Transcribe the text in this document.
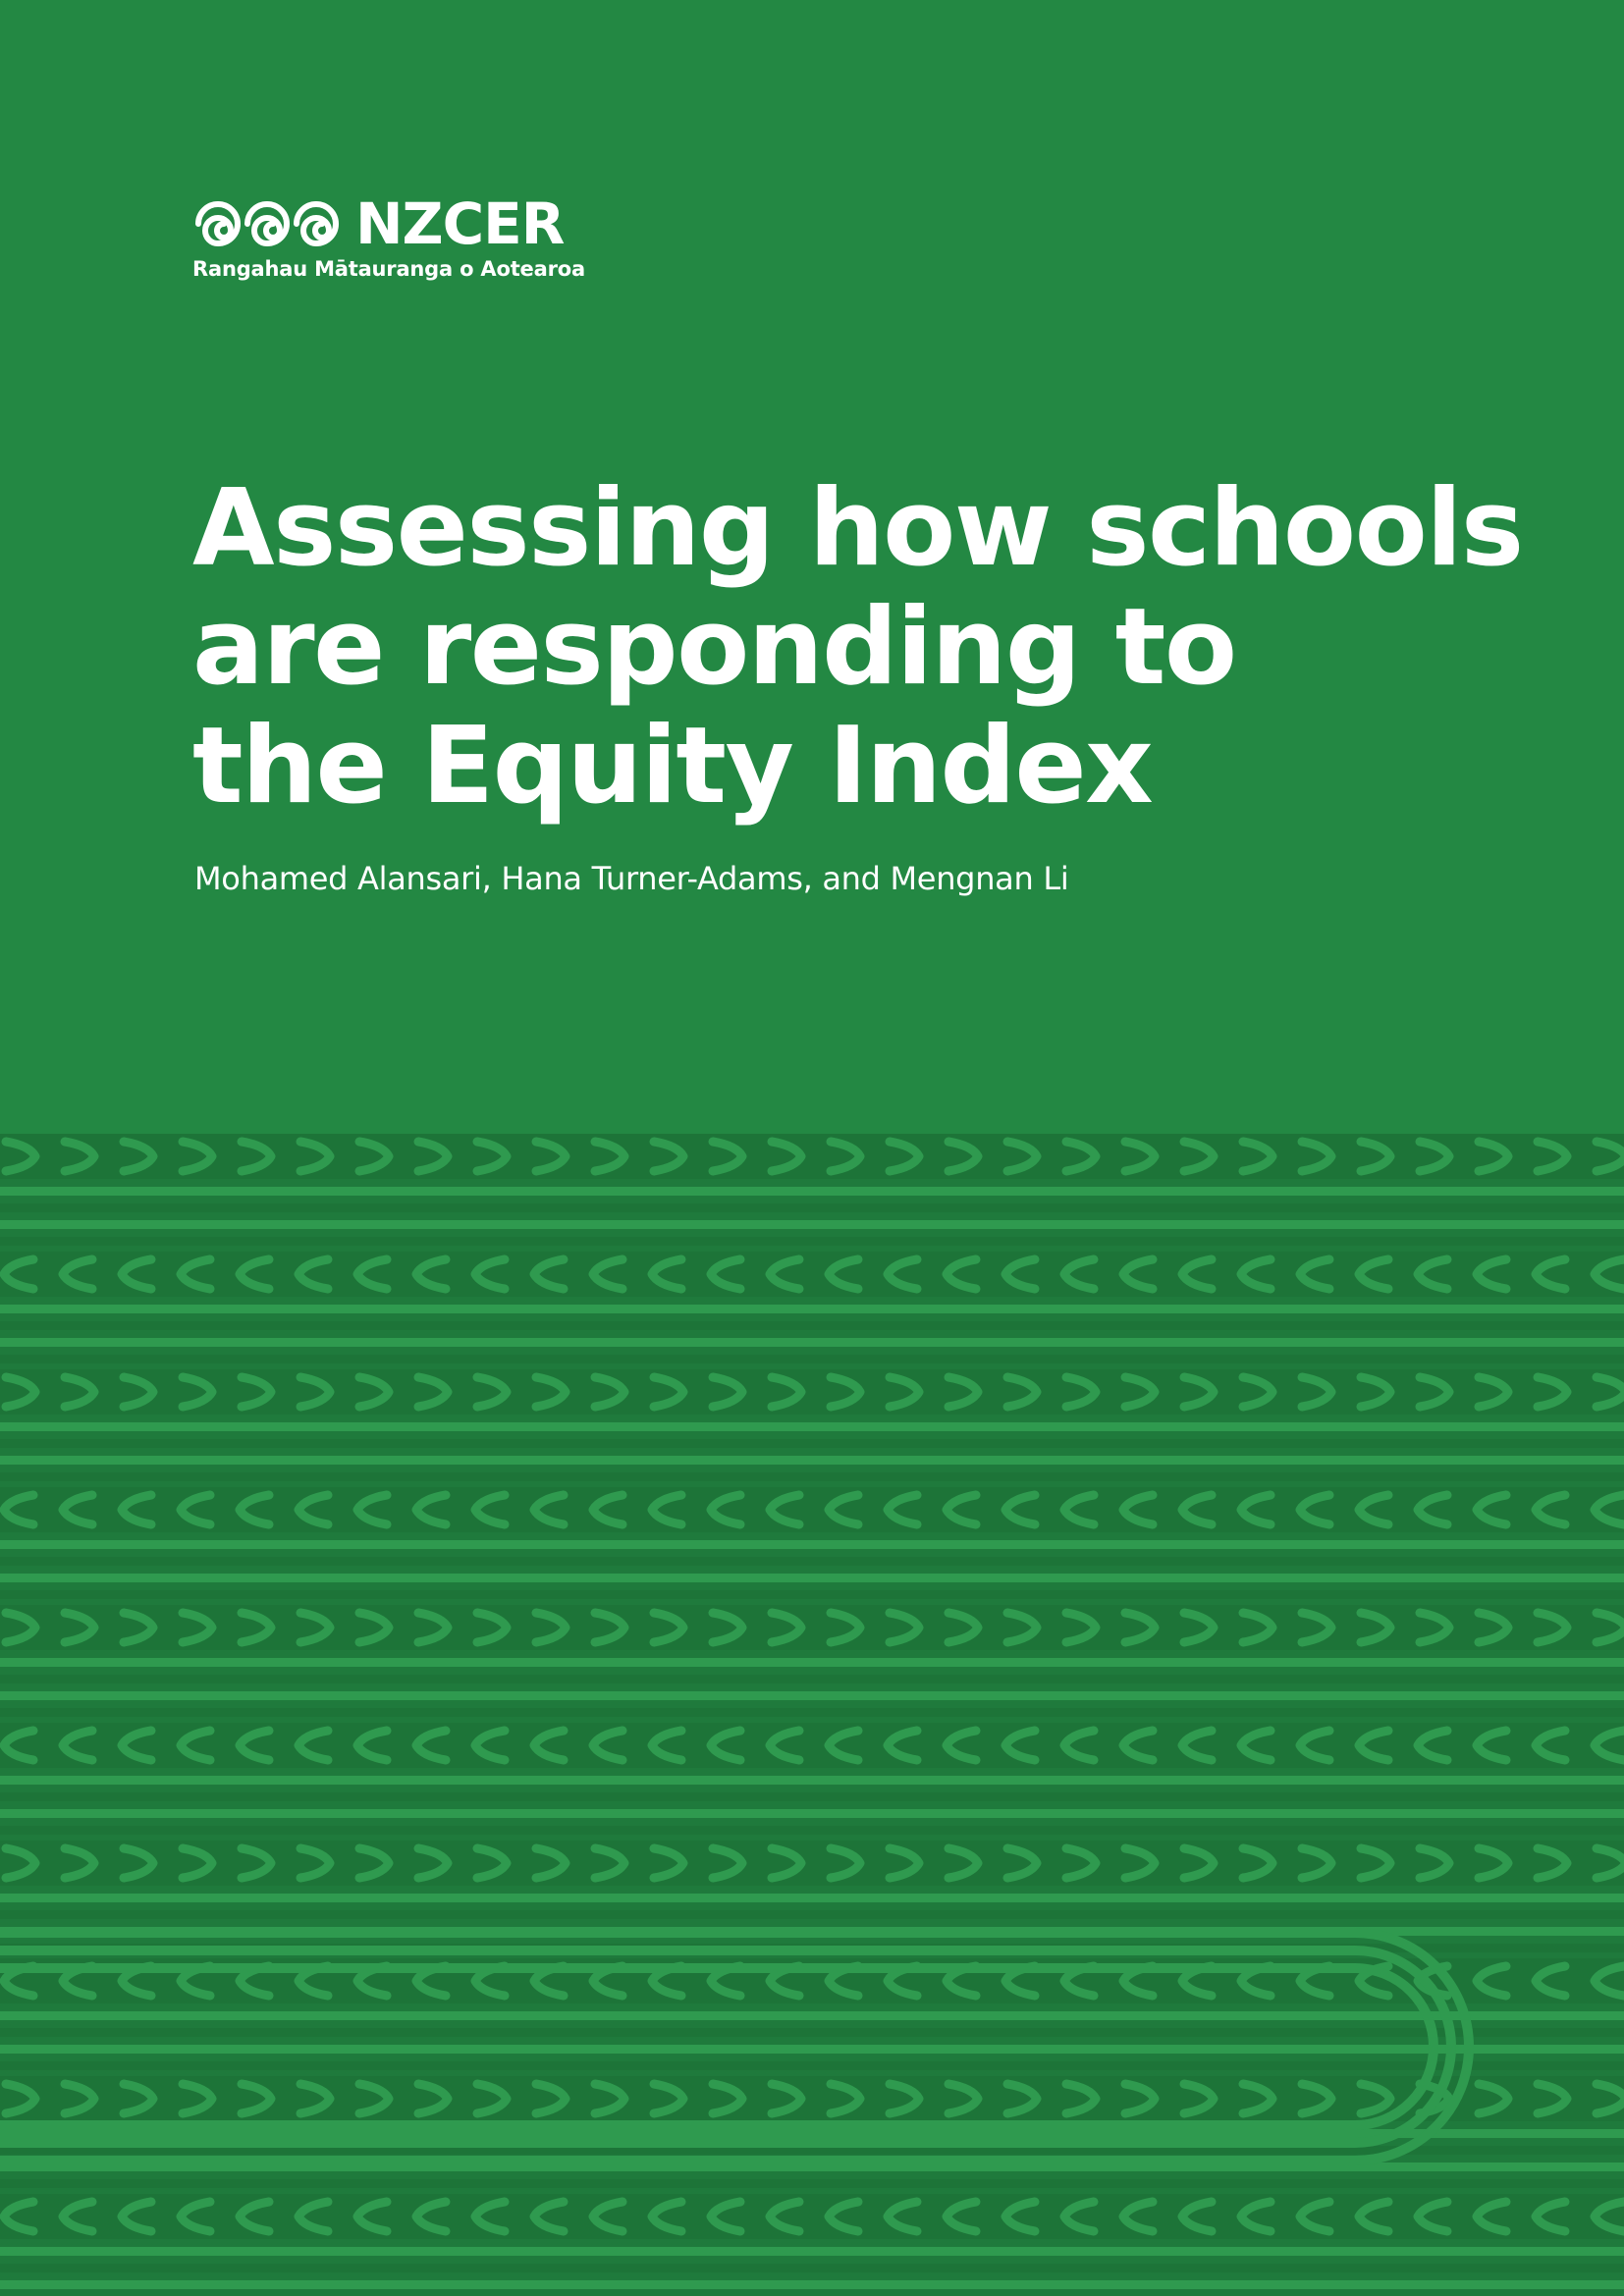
NZCER
Rangahau Mātauranga o Aotearoa
Assessing how schools
are responding to
the Equity Index
Mohamed Alansari, Hana Turner-Adams, and Mengnan Li
